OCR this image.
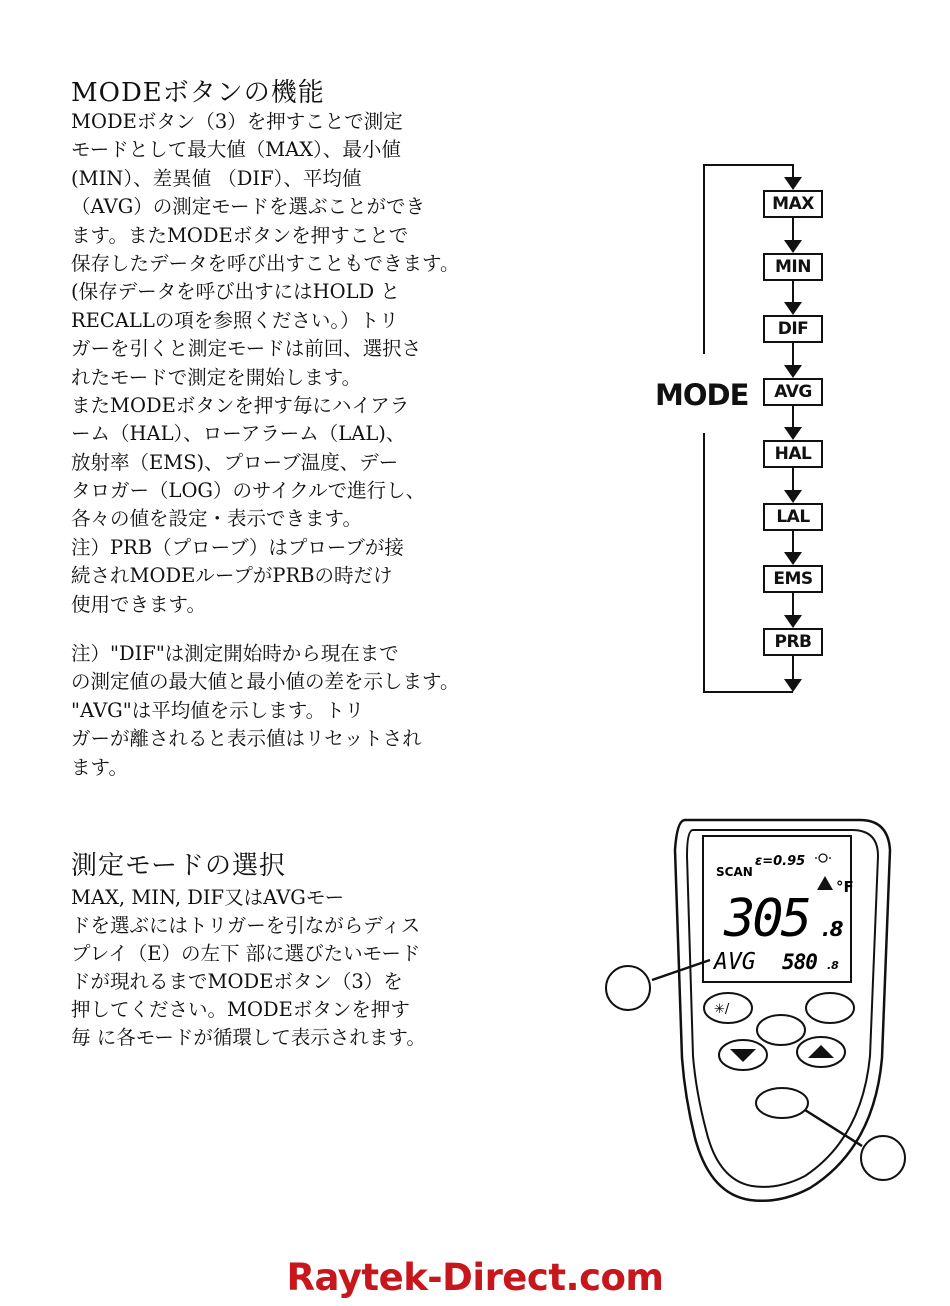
MODEボタンの機能
MODEボタン（3）を押すことで測定
モードとして最大値（MAX）、最小値
(MIN）、差異値 （DIF）、平均値
（AVG）の測定モードを選ぶことができ
ます。またMODEボタンを押すことで
保存したデータを呼び出すこともできます。
(保存データを呼び出すにはHOLD と
RECALLの項を参照ください。）トリ
ガーを引くと測定モードは前回、選択さ
れたモードで測定を開始します。
またMODEボタンを押す毎にハイアラ
ーム（HAL）、ローアラーム（LAL)、
放射率（EMS)、プローブ温度、デー
タロガー（LOG）のサイクルで進行し、
各々の値を設定・表示できます。
注）PRB（プローブ）はプローブが接
続されMODEループがPRBの時だけ
使用できます。
注）"DIF"は測定開始時から現在まで
の測定値の最大値と最小値の差を示します。
"AVG"は平均値を示します。トリ
ガーが離されると表示値はリセットされ
ます。
測定モードの選択
MAX, MIN, DIF又はAVGモー
ドを選ぶにはトリガーを引ながらディス
プレイ（E）の左下 部に選びたいモード
ドが現れるまでMODEボタン（3）を
押してください。MODEボタンを押す
毎 に各モードが循環して表示されます。
MODE
MAX
MIN
DIF
AVG
HAL
LAL
EMS
PRB
SCAN
ε=0.95
°F
305 .8
AVG 580 .8
✳/
Raytek-Direct.com
